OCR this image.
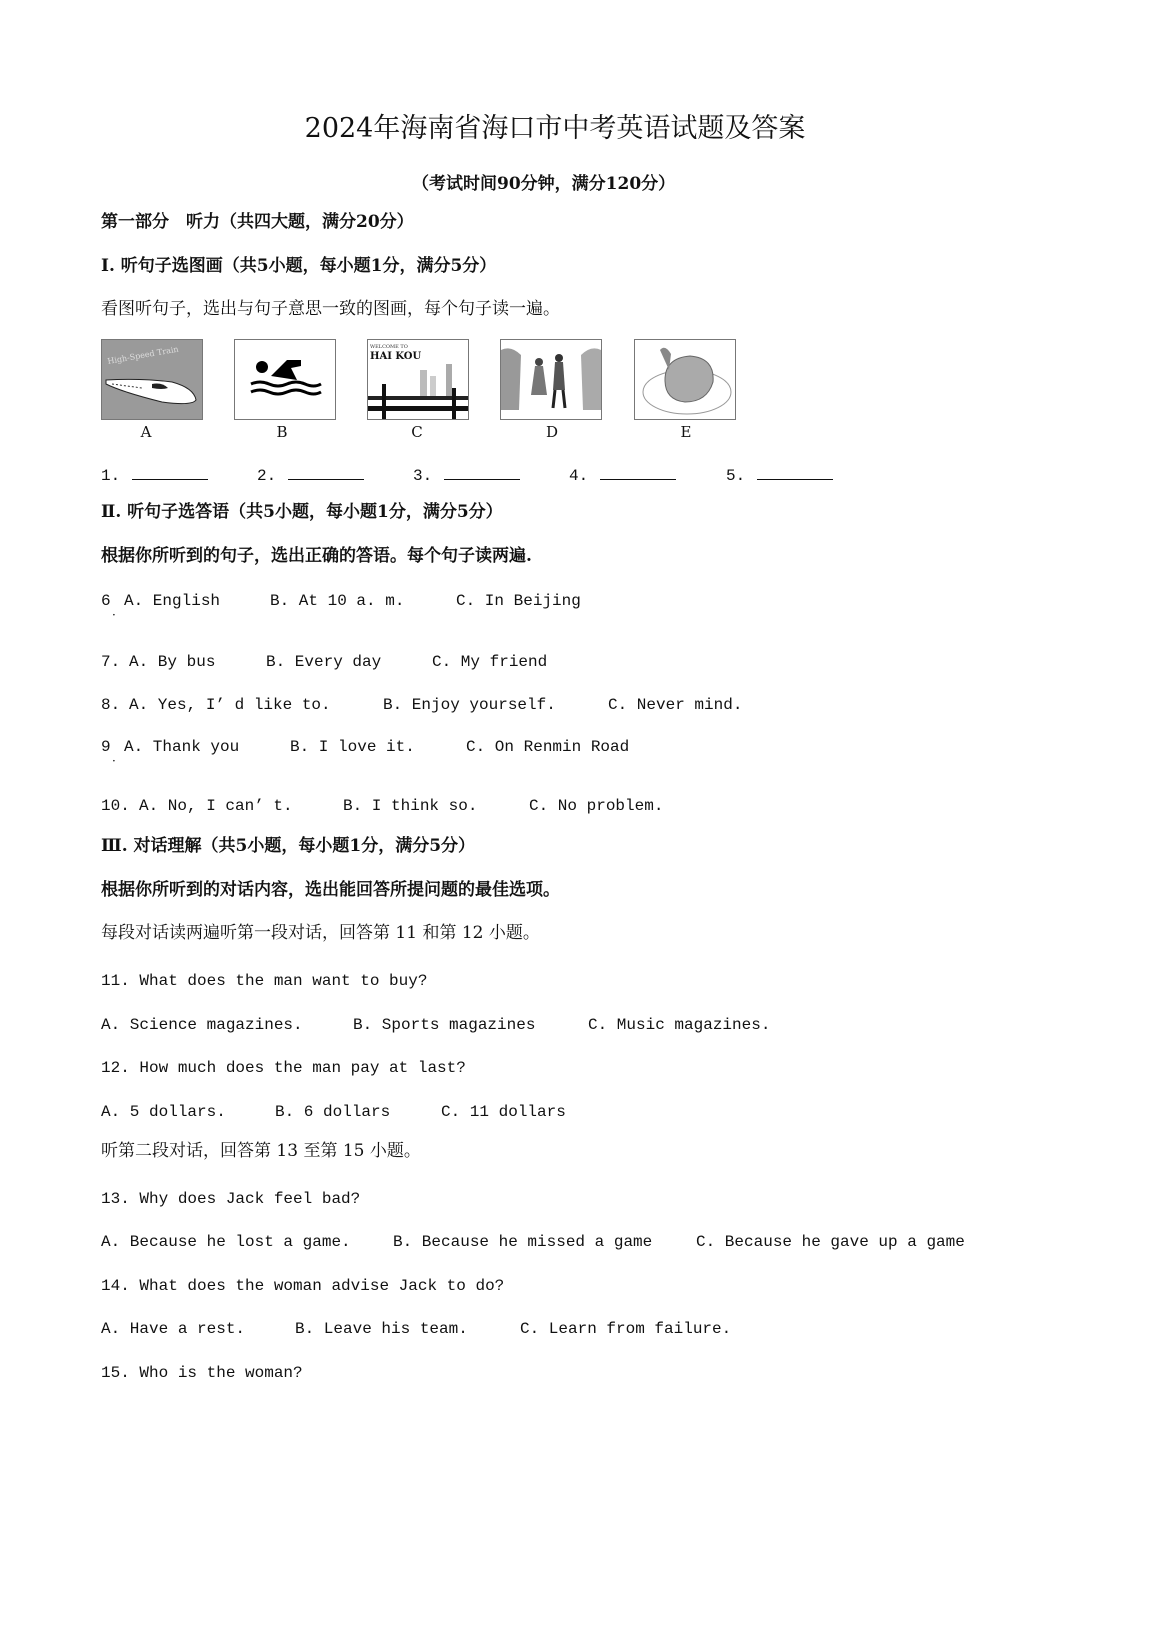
2024年海南省海口市中考英语试题及答案
（考试时间90分钟，满分120分）
第一部分　听力（共四大题，满分20分）
Ⅰ. 听句子选图画（共5小题，每小题1分，满分5分）
看图听句子，选出与句子意思一致的图画，每个句子读一遍。
High-Speed Train	WELCOME TO
HAI KOU
A	B	C	D	E
1.	2.	3.	4.	5.
Ⅱ. 听句子选答语（共5小题，每小题1分，满分5分）
根据你所听到的句子，选出正确的答语。每个句子读两遍.
6 A. English	B. At 10 a. m.	C. In Beijing
·
7. A. By bus	B. Every day	C. My friend
8. A. Yes, I’ d like to.	B. Enjoy yourself.	C. Never mind.
9 A. Thank you	B. I love it.	C. On Renmin Road
·
10. A. No, I can’ t.	B. I think so.	C. No problem.
Ⅲ. 对话理解（共5小题，每小题1分，满分5分）
根据你所听到的对话内容，选出能回答所提问题的最佳选项。
每段对话读两遍听第一段对话，回答第 11 和第 12 小题。
11. What does the man want to buy?
A. Science magazines.	B. Sports magazines	C. Music magazines.
12. How much does the man pay at last?
A. 5 dollars.	B. 6 dollars	C. 11 dollars
听第二段对话，回答第 13 至第 15 小题。
13. Why does Jack feel bad?
A. Because he lost a game.	B. Because he missed a game	C. Because he gave up a game
14. What does the woman advise Jack to do?
A. Have a rest.	B. Leave his team.	C. Learn from failure.
15. Who is the woman?
